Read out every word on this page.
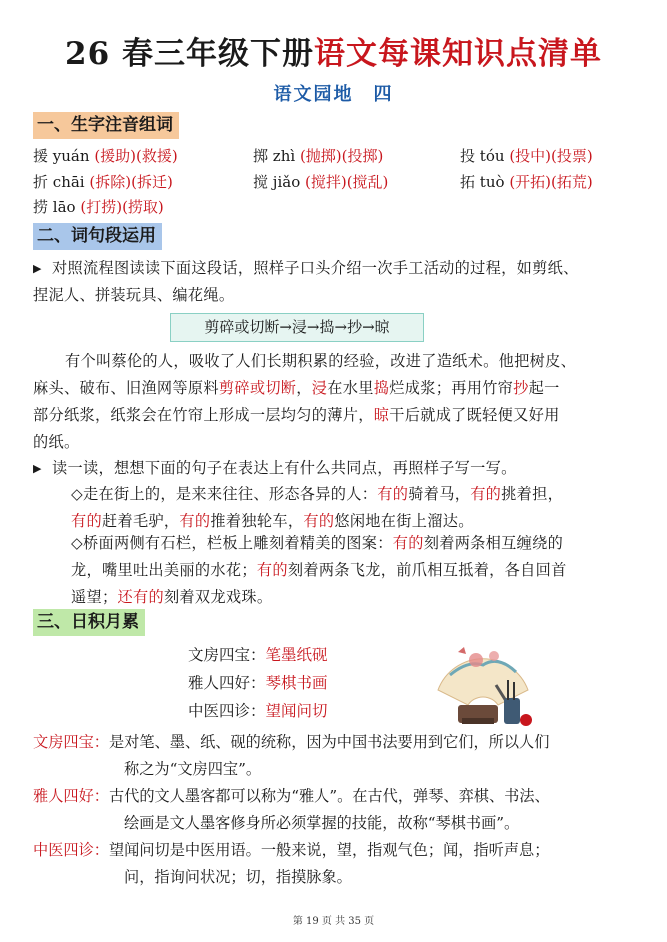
26 春三年级下册语文每课知识点清单
语文园地　四
一、生字注音组词
援 yuán (援助)(救援)	掷 zhì (抛掷)(投掷)	投 tóu (投中)(投票)
折 chāi (拆除)(拆迁)	搅 jiǎo (搅拌)(搅乱)	拓 tuò (开拓)(拓荒)
捞 lāo (打捞)(捞取)
二、词句段运用
▶ 对照流程图读读下面这段话，照样子口头介绍一次手工活动的过程，如剪纸、
捏泥人、拼装玩具、编花绳。
剪碎或切断→浸→捣→抄→晾
有个叫蔡伦的人，吸收了人们长期积累的经验，改进了造纸术。他把树皮、
麻头、破布、旧渔网等原料剪碎或切断，浸在水里捣烂成浆；再用竹帘抄起一
部分纸浆，纸浆会在竹帘上形成一层均匀的薄片，晾干后就成了既轻便又好用
的纸。
▶ 读一读，想想下面的句子在表达上有什么共同点，再照样子写一写。
◇走在街上的，是来来往往、形态各异的人：有的骑着马，有的挑着担，
有的赶着毛驴，有的推着独轮车，有的悠闲地在街上溜达。
◇桥面两侧有石栏，栏板上雕刻着精美的图案：有的刻着两条相互缠绕的
龙，嘴里吐出美丽的水花；有的刻着两条飞龙，前爪相互抵着，各自回首
遥望；还有的刻着双龙戏珠。
三、日积月累
文房四宝：笔墨纸砚
雅人四好：琴棋书画
中医四诊：望闻问切
文房四宝：是对笔、墨、纸、砚的统称，因为中国书法要用到它们，所以人们
称之为“文房四宝”。
雅人四好：古代的文人墨客都可以称为“雅人”。在古代，弹琴、弈棋、书法、
绘画是文人墨客修身所必须掌握的技能，故称“琴棋书画”。
中医四诊：望闻问切是中医用语。一般来说，望，指观气色；闻，指听声息；
问，指询问状况；切，指摸脉象。
第 19 页 共 35 页
